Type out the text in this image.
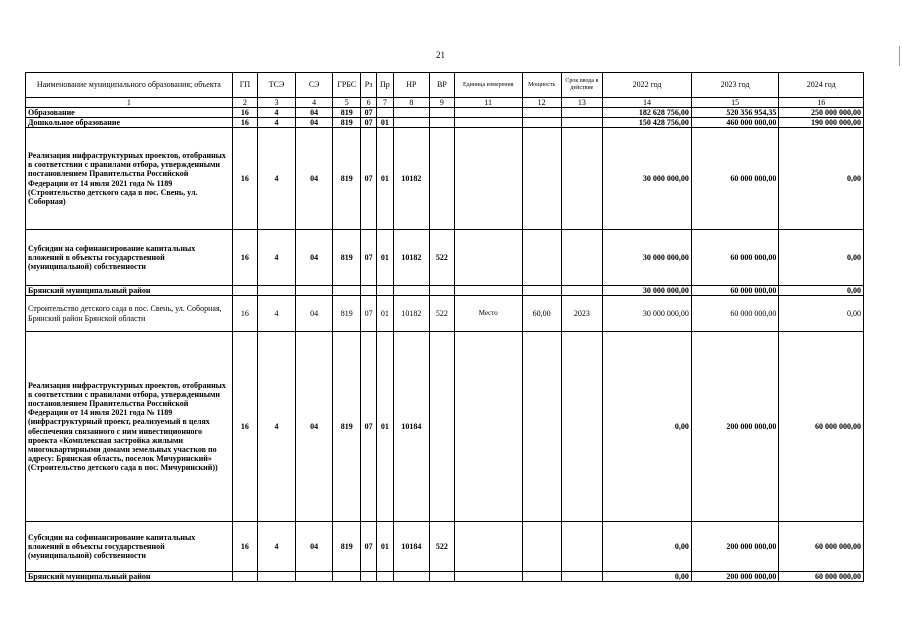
21
Наименование муниципального образования; объекта	ГП	ТСЭ	СЭ	ГРБС	Рз	Пр	НР	ВР	Единица измерения	Мощность	Срок ввода в действие	2022 год	2023 год	2024 год
1	2	3	4	5	6	7	8	9	11	12	13	14	15	16
Образование	16	4	04	819	07							182 628 756,00	520 356 954,35	250 000 000,00
Дошкольное образование	16	4	04	819	07	01						150 428 756,00	460 000 000,00	190 000 000,00
Реализация инфраструктурных проектов, отобранных в соответствии с правилами отбора, утвержденными постановлением Правительства Российской Федерации от 14 июля 2021 года № 1189 (Строительство детского сада в пос. Свень, ул. Соборная)	16	4	04	819	07	01	10182					30 000 000,00	60 000 000,00	0,00
Субсидии на софинансирование капитальных вложений в объекты государственной (муниципальной) собственности	16	4	04	819	07	01	10182	522				30 000 000,00	60 000 000,00	0,00
Брянский муниципальный район												30 000 000,00	60 000 000,00	0,00
Строительство детского сада в пос. Свень, ул. Соборная, Брянский район Брянской области	16	4	04	819	07	01	10182	522	Место	60,00	2023	30 000 000,00	60 000 000,00	0,00
Реализация инфраструктурных проектов, отобранных в соответствии с правилами отбора, утвержденными постановлением Правительства Российской Федерации от 14 июля 2021 года № 1189 (инфраструктурный проект, реализуемый в целях обеспечения связанного с ним инвестиционного проекта «Комплексная застройка жилыми многоквартирными домами земельных участков по адресу: Брянская область, поселок Мичуринский» (Строительство детского сада в пос. Мичуринский))	16	4	04	819	07	01	10184					0,00	200 000 000,00	60 000 000,00
Субсидии на софинансирование капитальных вложений в объекты государственной (муниципальной) собственности	16	4	04	819	07	01	10184	522				0,00	200 000 000,00	60 000 000,00
Брянский муниципальный район												0,00	200 000 000,00	60 000 000,00
